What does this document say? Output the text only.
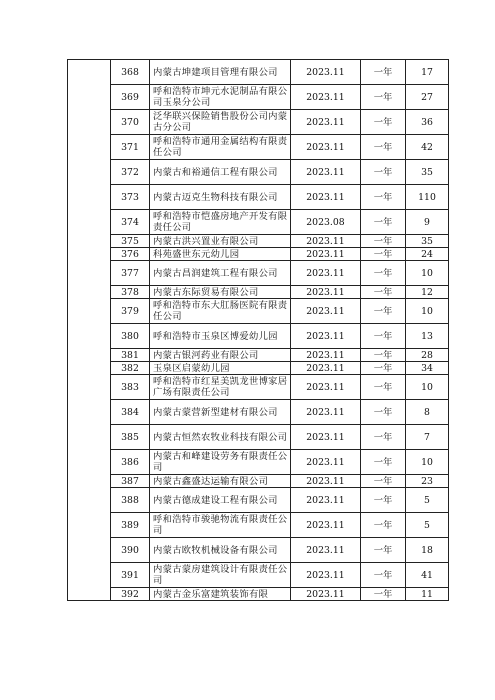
	368	内蒙古坤建项目管理有限公司	2023.11	一年	17
	369	呼和浩特市坤元水泥制品有限公司玉泉分公司	2023.11	一年	27
	370	泛华联兴保险销售股份公司内蒙古分公司	2023.11	一年	36
	371	呼和浩特市通用金属结构有限责任公司	2023.11	一年	42
	372	内蒙古和裕通信工程有限公司	2023.11	一年	35
	373	内蒙古迈克生物科技有限公司	2023.11	一年	110
	374	呼和浩特市恺盛房地产开发有限责任公司	2023.08	一年	9
	375	内蒙古洪兴置业有限公司	2023.11	一年	35
	376	科苑盛世东元幼儿园	2023.11	一年	24
	377	内蒙古昌润建筑工程有限公司	2023.11	一年	10
	378	内蒙古东际贸易有限公司	2023.11	一年	12
	379	呼和浩特市东大肛肠医院有限责任公司	2023.11	一年	10
	380	呼和浩特市玉泉区博爱幼儿园	2023.11	一年	13
	381	内蒙古银河药业有限公司	2023.11	一年	28
	382	玉泉区启蒙幼儿园	2023.11	一年	34
	383	呼和浩特市红星美凯龙世博家居广场有限责任公司	2023.11	一年	10
	384	内蒙古蒙营新型建材有限公司	2023.11	一年	8
	385	内蒙古恒然农牧业科技有限公司	2023.11	一年	7
	386	内蒙古和峰建设劳务有限责任公司	2023.11	一年	10
	387	内蒙古鑫盛达运输有限公司	2023.11	一年	23
	388	内蒙古德成建设工程有限公司	2023.11	一年	5
	389	呼和浩特市骏驰物流有限责任公司	2023.11	一年	5
	390	内蒙古欧牧机械设备有限公司	2023.11	一年	18
	391	内蒙古蒙房建筑设计有限责任公司	2023.11	一年	41
	392	内蒙古金乐富建筑装饰有限	2023.11	一年	11
